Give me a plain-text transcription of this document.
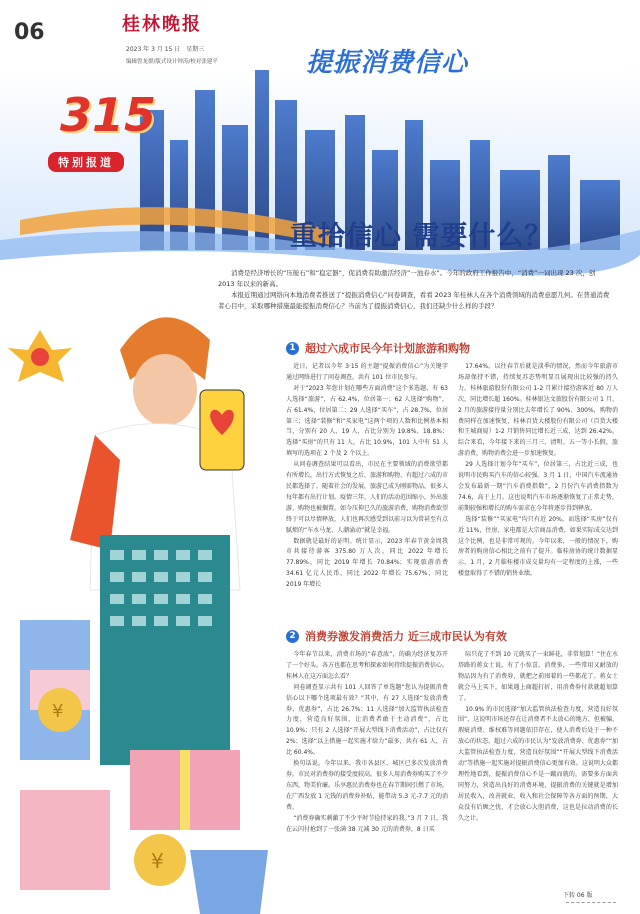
06	桂林晚报
2023 年 3 月 15 日　星期三
编辑曾龙群/版式设计钟涛/校对张建平	提振消费信心
315
特别报道
重拾信心 需要什么？

消费是经济增长的“压舱石”和“稳定器”，促消费有助激活经济“一池春水”。今年的政府工作报告中，“消费”一词出现 23 次，创 2013 年以来的新高。

本报近期通过网络向本地消费者推送了“提振消费信心”问卷调查，看看 2023 年桂林人在各个消费领域的消费意愿几何。在普通消费者心目中，采取哪种措施最能提振消费信心？当前为了提振消费信心，我们还缺少什么样的手段？

¥
¥
1 超过六成市民今年计划旅游和购物

近日，记者以今年 3·15 的主题“提振消费信心”为关键字通过网络进行了问卷调查，共有 101 位市民参与。

对于“2023 年您计划在哪些方面消费”这个多选题，有 63 人选择“旅游”，占 62.4%，位居第一；62 人选择“购物”，占 61.4%，位居第二；29 人选择“买车”，占 28.7%，位居第三；选择“装修”和“买家电”这两个项的人数和比例基本相当，分别有 20 人、19 人，占比分别为 19.8%、18.8%；选择“买房”的只有 11 人，占比 10.9%，101 人中有 51 人填写的选项在 2 个及 2 个以上。

从问卷调查结果可以看出，市民在主要领域的消费欲望都有所增长，出行方式恢复之后，旅游和购物、有超过六成的市民都选择了。随着社会的发展，旅游已成为刚需物品，很多人每年都有出行计划。疫情三年，人们的活动范围缩小，外出旅游、购物也被搁置。如今压抑已久的旅游消费，购物消费欲望终于可以尽情释放，人们也再次感受到以前习以为常甚至有点腻烦的“车水马龙、人潮涌动”就是幸福。

数据就是最好的证明。统计显示，2023 年春节黄金周我市共接待游客 375.80 万人次，同比 2022 年增长 77.89%，同比 2019 年增长 70.84%；实现旅游消费 34.61 亿元人民币，同比 2022 年增长 75.67%，同比 2019 年增长

17.64%。以往春节后就是淡季的情况，然而今年旅游市场却保持不错，持续复苏态势明显且展现出比较强的持久力。桂林旅游股份有限公司 1-2 月累计接待游客近 80 万人次，同比增长超 160%。桂林银达文旅股份有限公司 1 月、2 月的旅游接待量分别比去年增长了 90%、300%，购物消费同样在加速恢复，桂林百货大楼股份有限公司（百货大楼和王城商厦）1-2 月销售同比增长近三成，达到 26.42%。综合来看，今年接下来的三月三、清明、五一等小长假，旅游消费，购物消费会进一步加速恢复。

29 人选择计划今年“买车”，位居第三，占比近三成，也说明市民购买汽车的信心较强。3 月 1 日，中国汽车流通协会发布最新一期“汽车消费指数”，2 月份汽车消费指数为 74.6，高于上月。这也说明汽车市场逐渐恢复了正常走势，前期较强和增长的购车需求在今年将逐步得到释放。

选择“装修”“买家电”均只有近 20%，而选择“买房”仅有近 11%，住房、家电都是大宗商品消费，如果实际成交达到这个比例，也是非常可观的。今年以来，一般的情况下，购房者的购房信心相比之前有了提升。临桂房协的统计数据显示，1 月，2 月临桂楼市成交量均有一定程度的上涨，一些楼盘取得了不错的销售业绩。

2 消费券激发消费活力 近三成市民认为有效

今年春节以来，消费市场的“春意浓”，的确为经济复苏开了一个好头。各方也都在思考和探索如何持续提振消费信心。桂林人在这方面怎么看？

问卷调查显示共有 101 人回答了单选题“您认为提振消费信心以下哪个选项最有效？”其中，有 27 人选择“发放消费券、优惠券”，占比 26.7%；11 人选择“加大监管执法检查力度，营造良好氛围，让消费者敢于主动消费”，占比 10.9%；只有 2 人选择“开展大型线下消费活动”，占比仅有 2%；选择“以上措施一起实施才给力”最多，共有 61 人，占比 60.4%。

换句话说，今年以来，我市各县区、城区已多次发放消费券。市民对消费券的接受度较高，很多人用消费券购买了不少东西，物美价廉。乐享惠民消费券也在春节期间引燃了市场，在广西发放 1 元钱的消费券补贴，能带动 5.3 元-7.7 元的消费。

“消费券确实刺激了不少平时节俭持家的我。”3 月 7 日，我在云闪付抢到了一张满 38 元减 30 元的消费券，8 日买

际只花了不到 10 元就买了一束鲜花，非常划算！”住在水塔路的蒋女士说。有了小惊喜，消费多，一些常用又耐放的物品因为有了消费券，就把之前囤着的一些都花了。蒋女士就会马上买下，如果遇上商超打折，用消费券付款就超划算了。

10.9% 的市民选择“加大监管执法检查力度，营造良好氛围”，这说明市场还存在让消费者不太放心的地方，但被骗、瑕疵消费、维权难等问题依旧存在，使人消费后处于一种不放心的状态。超过六成的市民认为“发放消费券、优惠券”“加大监管执法检查力度，营造良好氛围”“开展大型线下消费活动”等措施一起实施对提振消费信心更加有效。这说明大众都理性地看到，提振消费信心不是一蹴而就的，需要多方面共同努力，营造出良好的消费环境，提振消费的关键就是增加居民收入，改善就业、收入和社会保障等各方面的预期，大众没有后顾之忧，才会放心大胆消费，这也是拉动消费的长久之计。

下转 06 版
